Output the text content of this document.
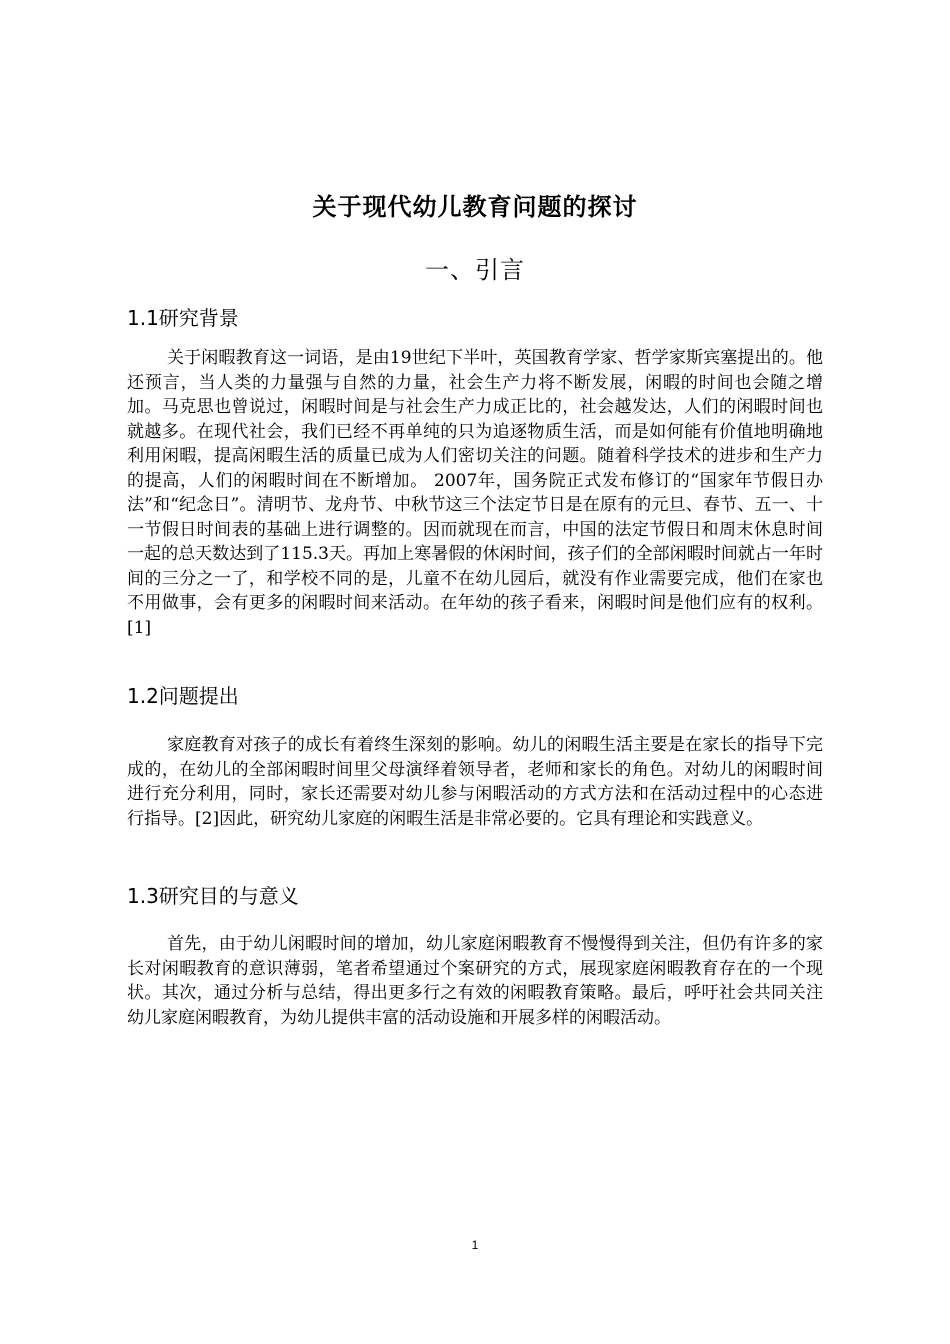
关于现代幼儿教育问题的探讨
一、引言
1.1研究背景

关于闲暇教育这一词语，是由19世纪下半叶，英国教育学家、哲学家斯宾塞提出的。他还预言，当人类的力量强与自然的力量，社会生产力将不断发展，闲暇的时间也会随之增加。马克思也曾说过，闲暇时间是与社会生产力成正比的，社会越发达，人们的闲暇时间也就越多。在现代社会，我们已经不再单纯的只为追逐物质生活，而是如何能有价值地明确地利用闲暇，提高闲暇生活的质量已成为人们密切关注的问题。随着科学技术的进步和生产力的提高，人们的闲暇时间在不断增加。 2007年，国务院正式发布修订的“国家年节假日办法”和“纪念日”。清明节、龙舟节、中秋节这三个法定节日是在原有的元旦、春节、五一、十一节假日时间表的基础上进行调整的。因而就现在而言，中国的法定节假日和周末休息时间一起的总天数达到了115.3天。再加上寒暑假的休闲时间，孩子们的全部闲暇时间就占一年时间的三分之一了，和学校不同的是，儿童不在幼儿园后，就没有作业需要完成，他们在家也不用做事，会有更多的闲暇时间来活动。在年幼的孩子看来，闲暇时间是他们应有的权利。[1]

1.2问题提出

家庭教育对孩子的成长有着终生深刻的影响。幼儿的闲暇生活主要是在家长的指导下完成的，在幼儿的全部闲暇时间里父母演绎着领导者，老师和家长的角色。对幼儿的闲暇时间进行充分利用，同时，家长还需要对幼儿参与闲暇活动的方式方法和在活动过程中的心态进行指导。[2]因此，研究幼儿家庭的闲暇生活是非常必要的。它具有理论和实践意义。

1.3研究目的与意义

首先，由于幼儿闲暇时间的增加，幼儿家庭闲暇教育不慢慢得到关注，但仍有许多的家长对闲暇教育的意识薄弱，笔者希望通过个案研究的方式，展现家庭闲暇教育存在的一个现状。其次，通过分析与总结，得出更多行之有效的闲暇教育策略。最后，呼吁社会共同关注幼儿家庭闲暇教育，为幼儿提供丰富的活动设施和开展多样的闲暇活动。

1
